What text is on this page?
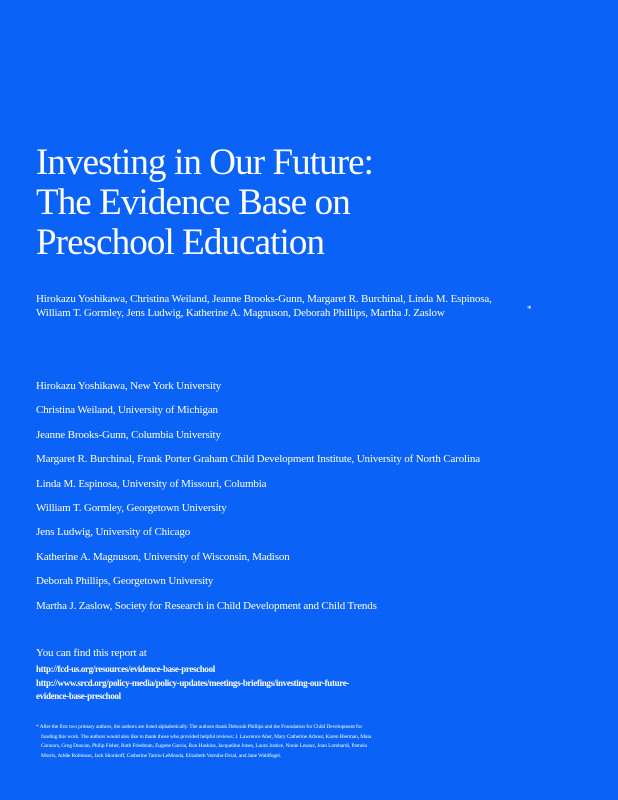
Investing in Our Future:
The Evidence Base on
Preschool Education

Hirokazu Yoshikawa, Christina Weiland, Jeanne Brooks-Gunn, Margaret R. Burchinal, Linda M. Espinosa,
William T. Gormley, Jens Ludwig, Katherine A. Magnuson, Deborah Phillips, Martha J. Zaslow	*
Hirokazu Yoshikawa, New York University
Christina Weiland, University of Michigan
Jeanne Brooks-Gunn, Columbia University
Margaret R. Burchinal, Frank Porter Graham Child Development Institute, University of North Carolina
Linda M. Espinosa, University of Missouri, Columbia
William T. Gormley, Georgetown University
Jens Ludwig, University of Chicago
Katherine A. Magnuson, University of Wisconsin, Madison
Deborah Phillips, Georgetown University
Martha J. Zaslow, Society for Research in Child Development and Child Trends
You can find this report at
http://fcd-us.org/resources/evidence-base-preschool
http://www.srcd.org/policy-media/policy-updates/meetings-briefings/investing-our-future-
evidence-base-preschool
* After the first two primary authors, the authors are listed alphabetically. The authors thank Deborah Phillips and the Foundation for Child Development for
funding this work. The authors would also like to thank those who provided helpful reviews: J. Lawrence Aber, Mary Catherine Arbour, Karen Bierman, Maia
Connors, Greg Duncan, Philip Fisher, Ruth Friedman, Eugene Garcia, Ron Haskins, Jacqueline Jones, Laura Justice, Nonie Lesaux, Joan Lombardi, Pamela
Morris, Addie Robinson, Jack Shonkoff, Catherine Tamis-LeMonda, Elizabeth Votruba-Drzal, and Jane Waldfogel.
